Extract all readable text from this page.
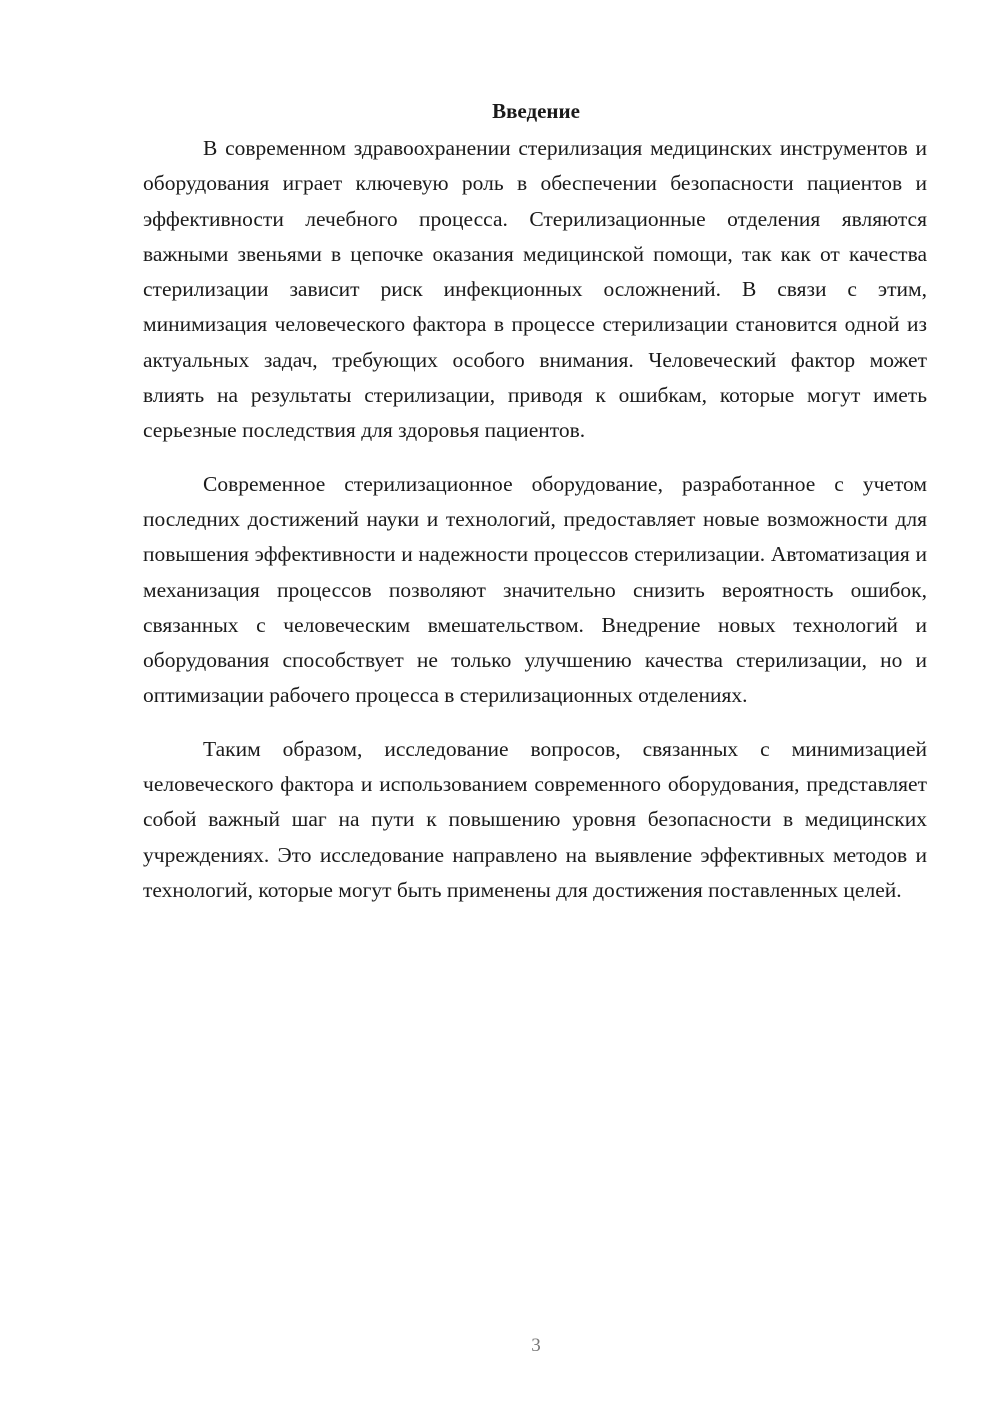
Введение

В современном здравоохранении стерилизация медицинских инструментов и оборудования играет ключевую роль в обеспечении безопасности пациентов и эффективности лечебного процесса. Стерилизационные отделения являются важными звеньями в цепочке оказания медицинской помощи, так как от качества стерилизации зависит риск инфекционных осложнений. В связи с этим, минимизация человеческого фактора в процессе стерилизации становится одной из актуальных задач, требующих особого внимания. Человеческий фактор может влиять на результаты стерилизации, приводя к ошибкам, которые могут иметь серьезные последствия для здоровья пациентов.

Современное стерилизационное оборудование, разработанное с учетом последних достижений науки и технологий, предоставляет новые возможности для повышения эффективности и надежности процессов стерилизации. Автоматизация и механизация процессов позволяют значительно снизить вероятность ошибок, связанных с человеческим вмешательством. Внедрение новых технологий и оборудования способствует не только улучшению качества стерилизации, но и оптимизации рабочего процесса в стерилизационных отделениях.

Таким образом, исследование вопросов, связанных с минимизацией человеческого фактора и использованием современного оборудования, представляет собой важный шаг на пути к повышению уровня безопасности в медицинских учреждениях. Это исследование направлено на выявление эффективных методов и технологий, которые могут быть применены для достижения поставленных целей.

3
